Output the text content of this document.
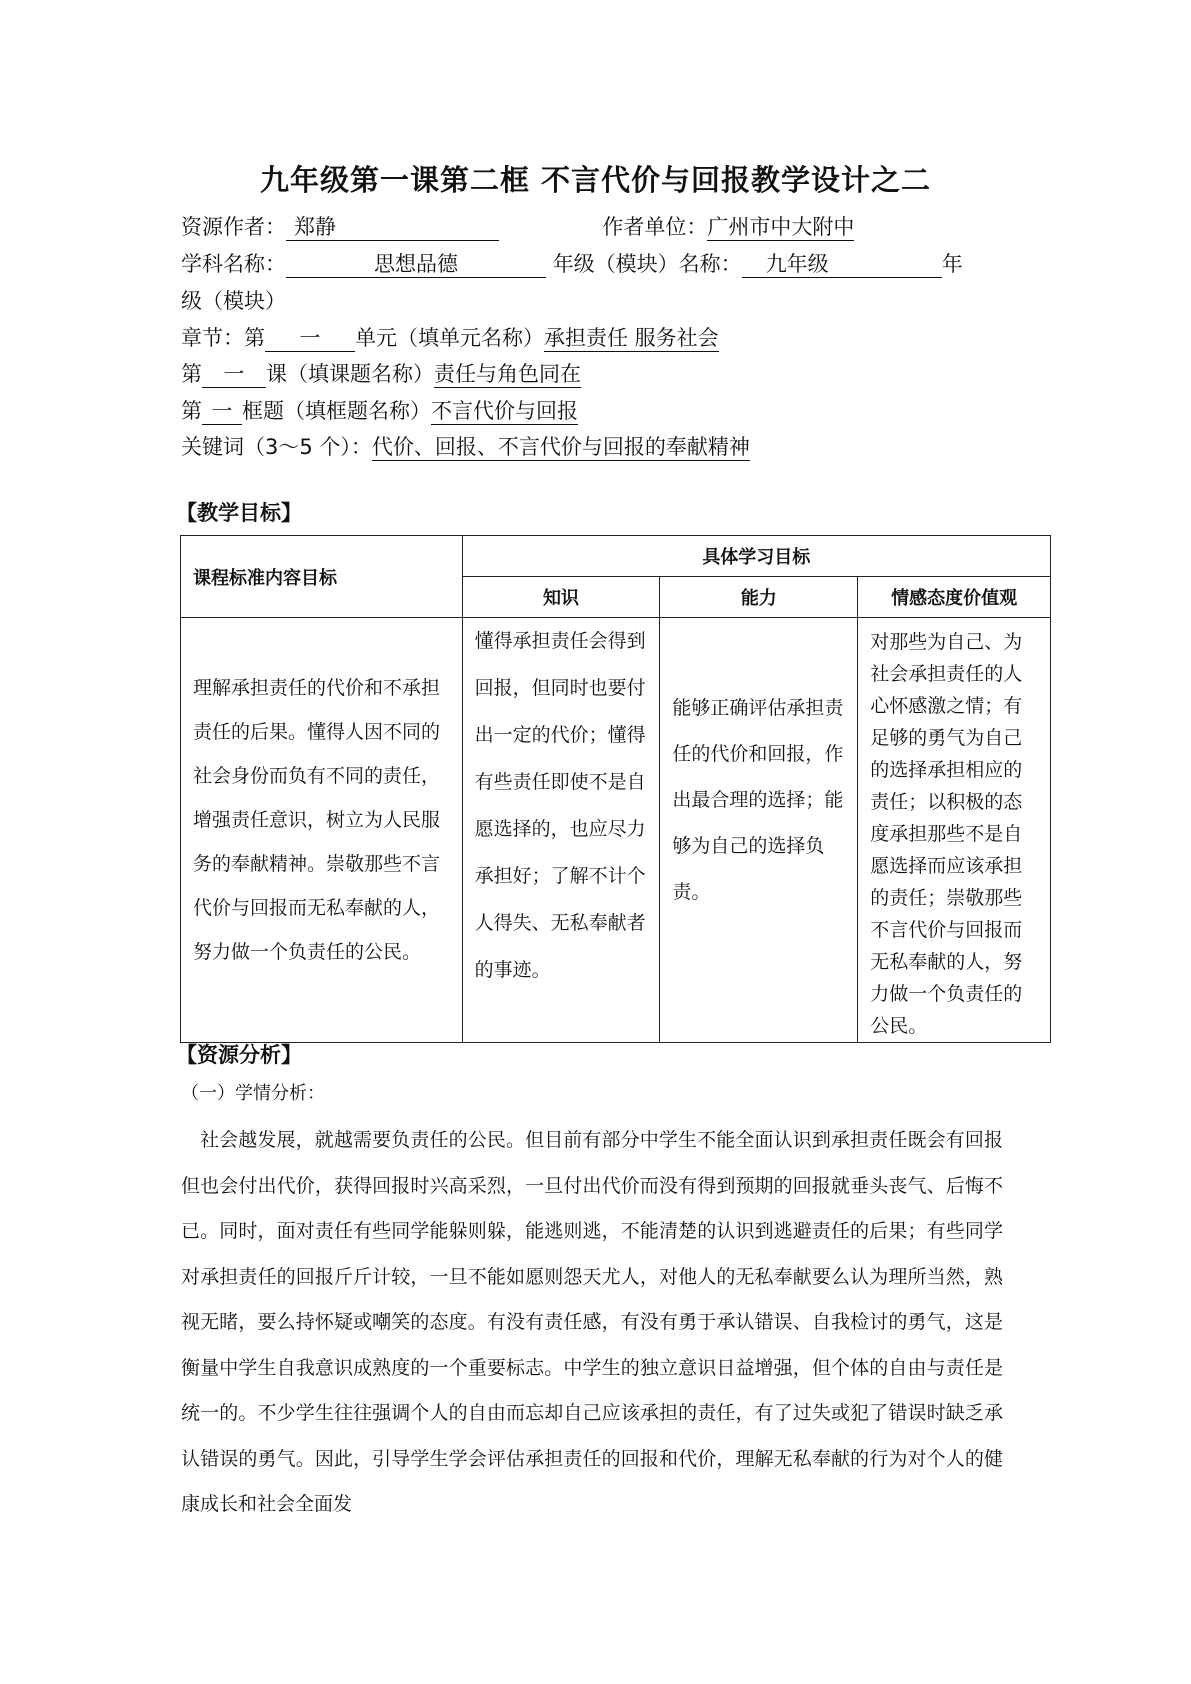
九年级第一课第二框 不言代价与回报教学设计之二
资源作者： 郑静	作者单位：广州市中大附中
学科名称：	思想品德	年级（模块）名称： 九年级	年
级（模块）
章节：第 一 单元（填单元名称）承担责任 服务社会
第 一 课（填课题名称）责任与角色同在
第 一 框题（填框题名称）不言代价与回报
关键词（3～5 个）：代价、回报、不言代价与回报的奉献精神
【教学目标】
课程标准内容目标	具体学习目标		
	知识	能力	情感态度价值观

理解承担责任的代价和不承担责任的后果。懂得人因不同的社会身份而负有不同的责任，增强责任意识，树立为人民服务的奉献精神。崇敬那些不言代价与回报而无私奉献的人，努力做一个负责任的公民。	懂得承担责任会得到回报，但同时也要付出一定的代价；懂得有些责任即使不是自愿选择的，也应尽力承担好；了解不计个人得失、无私奉献者的事迹。	能够正确评估承担责任的代价和回报，作出最合理的选择；能够为自己的选择负责。	对那些为自己、为社会承担责任的人心怀感激之情；有足够的勇气为自己的选择承担相应的责任；以积极的态度承担那些不是自愿选择而应该承担的责任；崇敬那些不言代价与回报而无私奉献的人，努力做一个负责任的公民。
【资源分析】
（一）学情分析：
社会越发展，就越需要负责任的公民。但目前有部分中学生不能全面认识到承担责任既会有回报但也会付出代价，获得回报时兴高采烈，一旦付出代价而没有得到预期的回报就垂头丧气、后悔不已。同时，面对责任有些同学能躲则躲，能逃则逃，不能清楚的认识到逃避责任的后果；有些同学对承担责任的回报斤斤计较，一旦不能如愿则怨天尤人，对他人的无私奉献要么认为理所当然，熟视无睹，要么持怀疑或嘲笑的态度。有没有责任感，有没有勇于承认错误、自我检讨的勇气，这是衡量中学生自我意识成熟度的一个重要标志。中学生的独立意识日益增强，但个体的自由与责任是统一的。不少学生往往强调个人的自由而忘却自己应该承担的责任，有了过失或犯了错误时缺乏承认错误的勇气。因此，引导学生学会评估承担责任的回报和代价，理解无私奉献的行为对个人的健康成长和社会全面发
